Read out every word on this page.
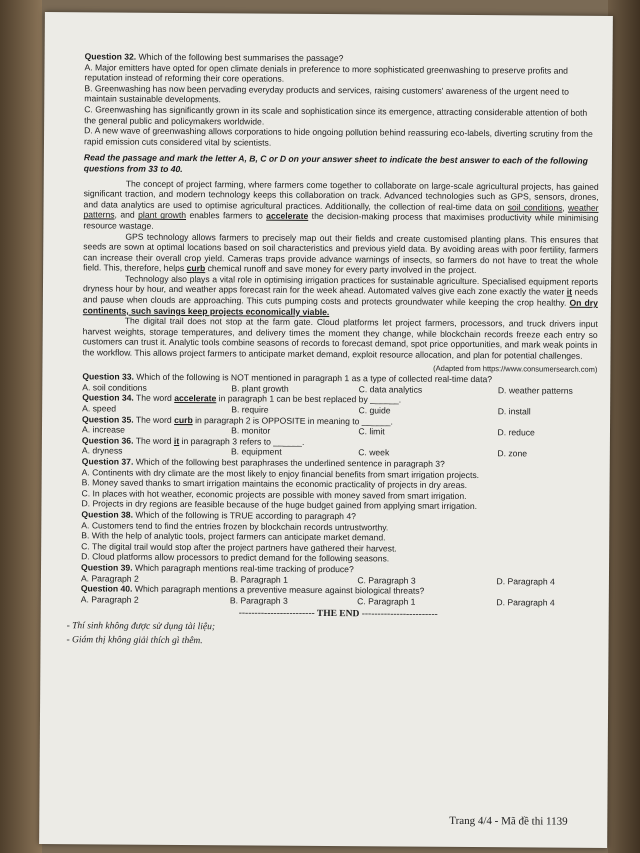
Question 32. Which of the following best summarises the passage?
A. Major emitters have opted for open climate denials in preference to more sophisticated greenwashing to preserve profits and reputation instead of reforming their core operations.
B. Greenwashing has now been pervading everyday products and services, raising customers' awareness of the urgent need to maintain sustainable developments.
C. Greenwashing has significantly grown in its scale and sophistication since its emergence, attracting considerable attention of both the general public and policymakers worldwide.
D. A new wave of greenwashing allows corporations to hide ongoing pollution behind reassuring eco-labels, diverting scrutiny from the rapid emission cuts considered vital by scientists.
Read the passage and mark the letter A, B, C or D on your answer sheet to indicate the best answer to each of the following questions from 33 to 40.
The concept of project farming, where farmers come together to collaborate on large-scale agricultural projects, has gained significant traction, and modern technology keeps this collaboration on track. Advanced technologies such as GPS, sensors, drones, and data analytics are used to optimise agricultural practices. Additionally, the collection of real-time data on soil conditions, weather patterns, and plant growth enables farmers to accelerate the decision-making process that maximises productivity while minimising resource wastage.
GPS technology allows farmers to precisely map out their fields and create customised planting plans. This ensures that seeds are sown at optimal locations based on soil characteristics and previous yield data. By avoiding areas with poor fertility, farmers can increase their overall crop yield. Cameras traps provide advance warnings of insects, so farmers do not have to treat the whole field. This, therefore, helps curb chemical runoff and save money for every party involved in the project.
Technology also plays a vital role in optimising irrigation practices for sustainable agriculture. Specialised equipment reports dryness hour by hour, and weather apps forecast rain for the week ahead. Automated valves give each zone exactly the water it needs and pause when clouds are approaching. This cuts pumping costs and protects groundwater while keeping the crop healthy. On dry continents, such savings keep projects economically viable.
The digital trail does not stop at the farm gate. Cloud platforms let project farmers, processors, and truck drivers input harvest weights, storage temperatures, and delivery times the moment they change, while blockchain records freeze each entry so customers can trust it. Analytic tools combine seasons of records to forecast demand, spot price opportunities, and mark weak points in the workflow. This allows project farmers to anticipate market demand, exploit resource allocation, and plan for potential challenges.
(Adapted from https://www.consumersearch.com)
Question 33. Which of the following is NOT mentioned in paragraph 1 as a type of collected real-time data?
A. soil conditions	B. plant growth	C. data analytics	D. weather patterns
Question 34. The word accelerate in paragraph 1 can be best replaced by ______.
A. speed	B. require	C. guide	D. install
Question 35. The word curb in paragraph 2 is OPPOSITE in meaning to ______.
A. increase	B. monitor	C. limit	D. reduce
Question 36. The word it in paragraph 3 refers to ______.
A. dryness	B. equipment	C. week	D. zone
Question 37. Which of the following best paraphrases the underlined sentence in paragraph 3?
A. Continents with dry climate are the most likely to enjoy financial benefits from smart irrigation projects.
B. Money saved thanks to smart irrigation maintains the economic practicality of projects in dry areas.
C. In places with hot weather, economic projects are possible with money saved from smart irrigation.
D. Projects in dry regions are feasible because of the huge budget gained from applying smart irrigation.
Question 38. Which of the following is TRUE according to paragraph 4?
A. Customers tend to find the entries frozen by blockchain records untrustworthy.
B. With the help of analytic tools, project farmers can anticipate market demand.
C. The digital trail would stop after the project partners have gathered their harvest.
D. Cloud platforms allow processors to predict demand for the following seasons.
Question 39. Which paragraph mentions real-time tracking of produce?
A. Paragraph 2	B. Paragraph 1	C. Paragraph 3	D. Paragraph 4
Question 40. Which paragraph mentions a preventive measure against biological threats?
A. Paragraph 2	B. Paragraph 3	C. Paragraph 1	D. Paragraph 4
------------------------ THE END ------------------------
- Thí sinh không được sử dụng tài liệu;
- Giám thị không giải thích gì thêm.
Trang 4/4 - Mã đề thi 1139
